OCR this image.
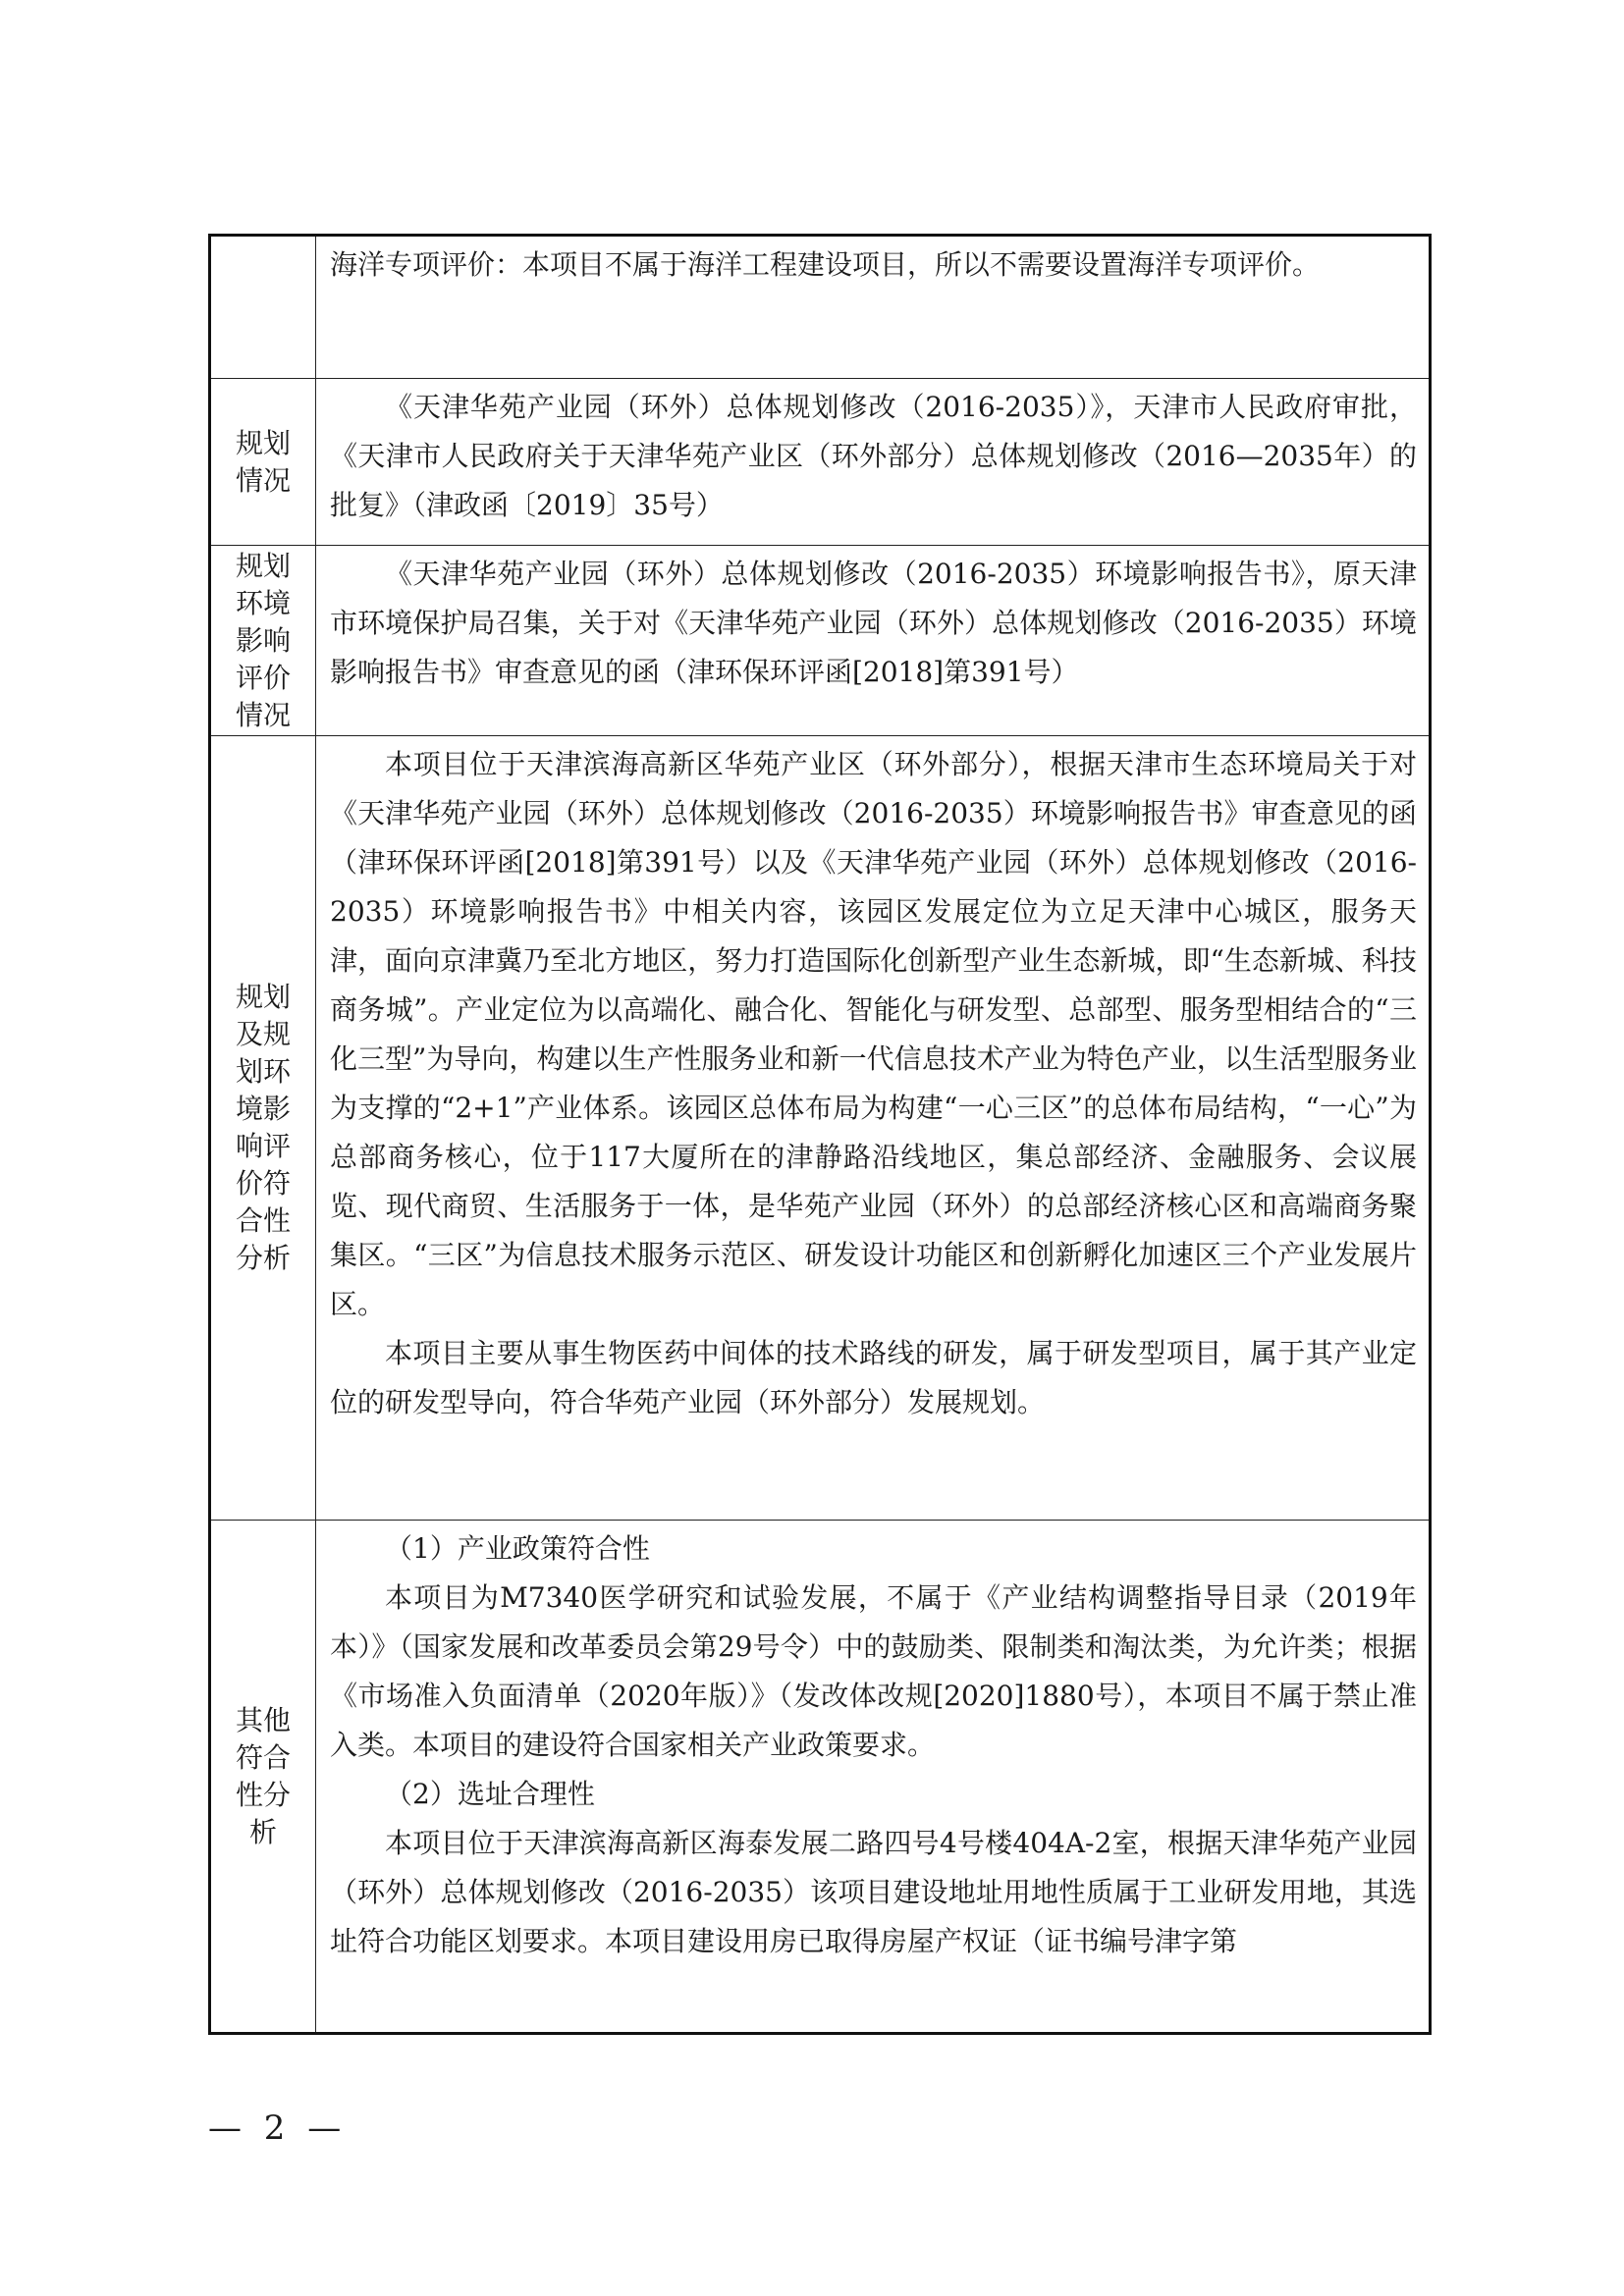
	海洋专项评价：本项目不属于海洋工程建设项目，所以不需要设置海洋专项评价。

规划情况	《天津华苑产业园（环外）总体规划修改（2016-2035）》，天津市人民政府审批，《天津市人民政府关于天津华苑产业区（环外部分）总体规划修改（2016—2035年）的批复》（津政函〔2019〕35号）

规划环境影响评价情况	《天津华苑产业园（环外）总体规划修改（2016-2035）环境影响报告书》，原天津市环境保护局召集，关于对《天津华苑产业园（环外）总体规划修改（2016-2035）环境影响报告书》审查意见的函（津环保环评函[2018]第391号）

规划及规划环境影响评价符合性分析	本项目位于天津滨海高新区华苑产业区（环外部分），根据天津市生态环境局关于对《天津华苑产业园（环外）总体规划修改（2016-2035）环境影响报告书》审查意见的函（津环保环评函[2018]第391号）以及《天津华苑产业园（环外）总体规划修改（2016-2035）环境影响报告书》中相关内容，该园区发展定位为立足天津中心城区，服务天津，面向京津冀乃至北方地区，努力打造国际化创新型产业生态新城，即“生态新城、科技商务城”。产业定位为以高端化、融合化、智能化与研发型、总部型、服务型相结合的“三化三型”为导向，构建以生产性服务业和新一代信息技术产业为特色产业，以生活型服务业为支撑的“2+1”产业体系。该园区总体布局为构建“一心三区”的总体布局结构，“一心”为总部商务核心，位于117大厦所在的津静路沿线地区，集总部经济、金融服务、会议展览、现代商贸、生活服务于一体，是华苑产业园（环外）的总部经济核心区和高端商务聚集区。“三区”为信息技术服务示范区、研发设计功能区和创新孵化加速区三个产业发展片区。

本项目主要从事生物医药中间体的技术路线的研发，属于研发型项目，属于其产业定位的研发型导向，符合华苑产业园（环外部分）发展规划。

其他符合性分析	（1）产业政策符合性

本项目为M7340医学研究和试验发展，不属于《产业结构调整指导目录（2019年本）》（国家发展和改革委员会第29号令）中的鼓励类、限制类和淘汰类，为允许类；根据《市场准入负面清单（2020年版）》（发改体改规[2020]1880号），本项目不属于禁止准入类。本项目的建设符合国家相关产业政策要求。

（2）选址合理性

本项目位于天津滨海高新区海泰发展二路四号4号楼404A-2室，根据天津华苑产业园（环外）总体规划修改（2016-2035）该项目建设地址用地性质属于工业研发用地，其选址符合功能区划要求。本项目建设用房已取得房屋产权证（证书编号津字第

— 2 —
